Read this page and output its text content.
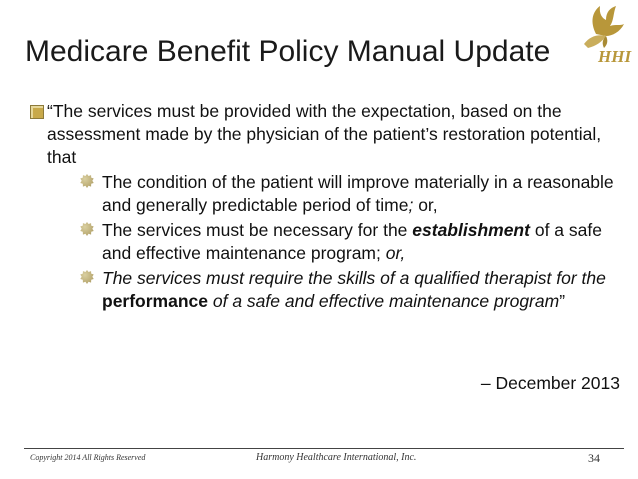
Medicare Benefit Policy Manual Update	HHI

“The services must be provided with the expectation, based on the assessment made by the physician of the patient’s restoration potential, that

The condition of the patient will improve materially in a reasonable and generally predictable period of time; or,
The services must be necessary for the establishment of a safe and effective maintenance program; or,
The services must require the skills of a qualified therapist for the performance of a safe and effective maintenance program”
– December 2013
Copyright 2014 All Rights Reserved	Harmony Healthcare International, Inc.	34
